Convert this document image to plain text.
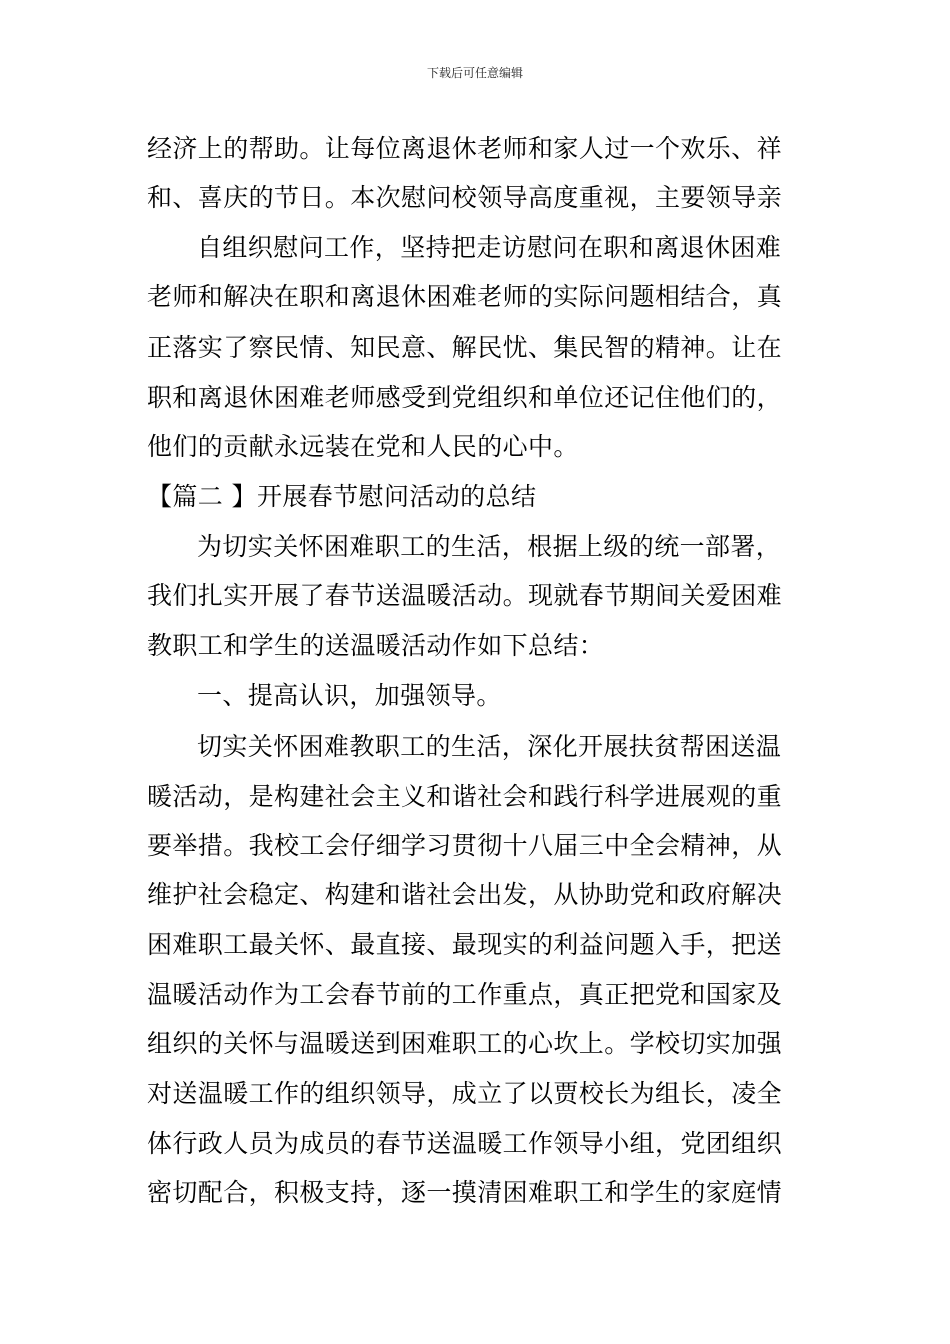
下载后可任意编辑
经济上的帮助。让每位离退休老师和家人过一个欢乐、祥
和、喜庆的节日。本次慰问校领导高度重视，主要领导亲
自组织慰问工作，坚持把走访慰问在职和离退休困难
老师和解决在职和离退休困难老师的实际问题相结合，真
正落实了察民情、知民意、解民忧、集民智的精神。让在
职和离退休困难老师感受到党组织和单位还记住他们的，
他们的贡献永远装在党和人民的心中。
【篇二 】开展春节慰问活动的总结
为切实关怀困难职工的生活，根据上级的统一部署，
我们扎实开展了春节送温暖活动。现就春节期间关爱困难
教职工和学生的送温暖活动作如下总结：
一、提高认识，加强领导。
切实关怀困难教职工的生活，深化开展扶贫帮困送温
暖活动，是构建社会主义和谐社会和践行科学进展观的重
要举措。我校工会仔细学习贯彻十八届三中全会精神，从
维护社会稳定、构建和谐社会出发，从协助党和政府解决
困难职工最关怀、最直接、最现实的利益问题入手，把送
温暖活动作为工会春节前的工作重点，真正把党和国家及
组织的关怀与温暖送到困难职工的心坎上。学校切实加强
对送温暖工作的组织领导，成立了以贾校长为组长，凌全
体行政人员为成员的春节送温暖工作领导小组，党团组织
密切配合，积极支持，逐一摸清困难职工和学生的家庭情
